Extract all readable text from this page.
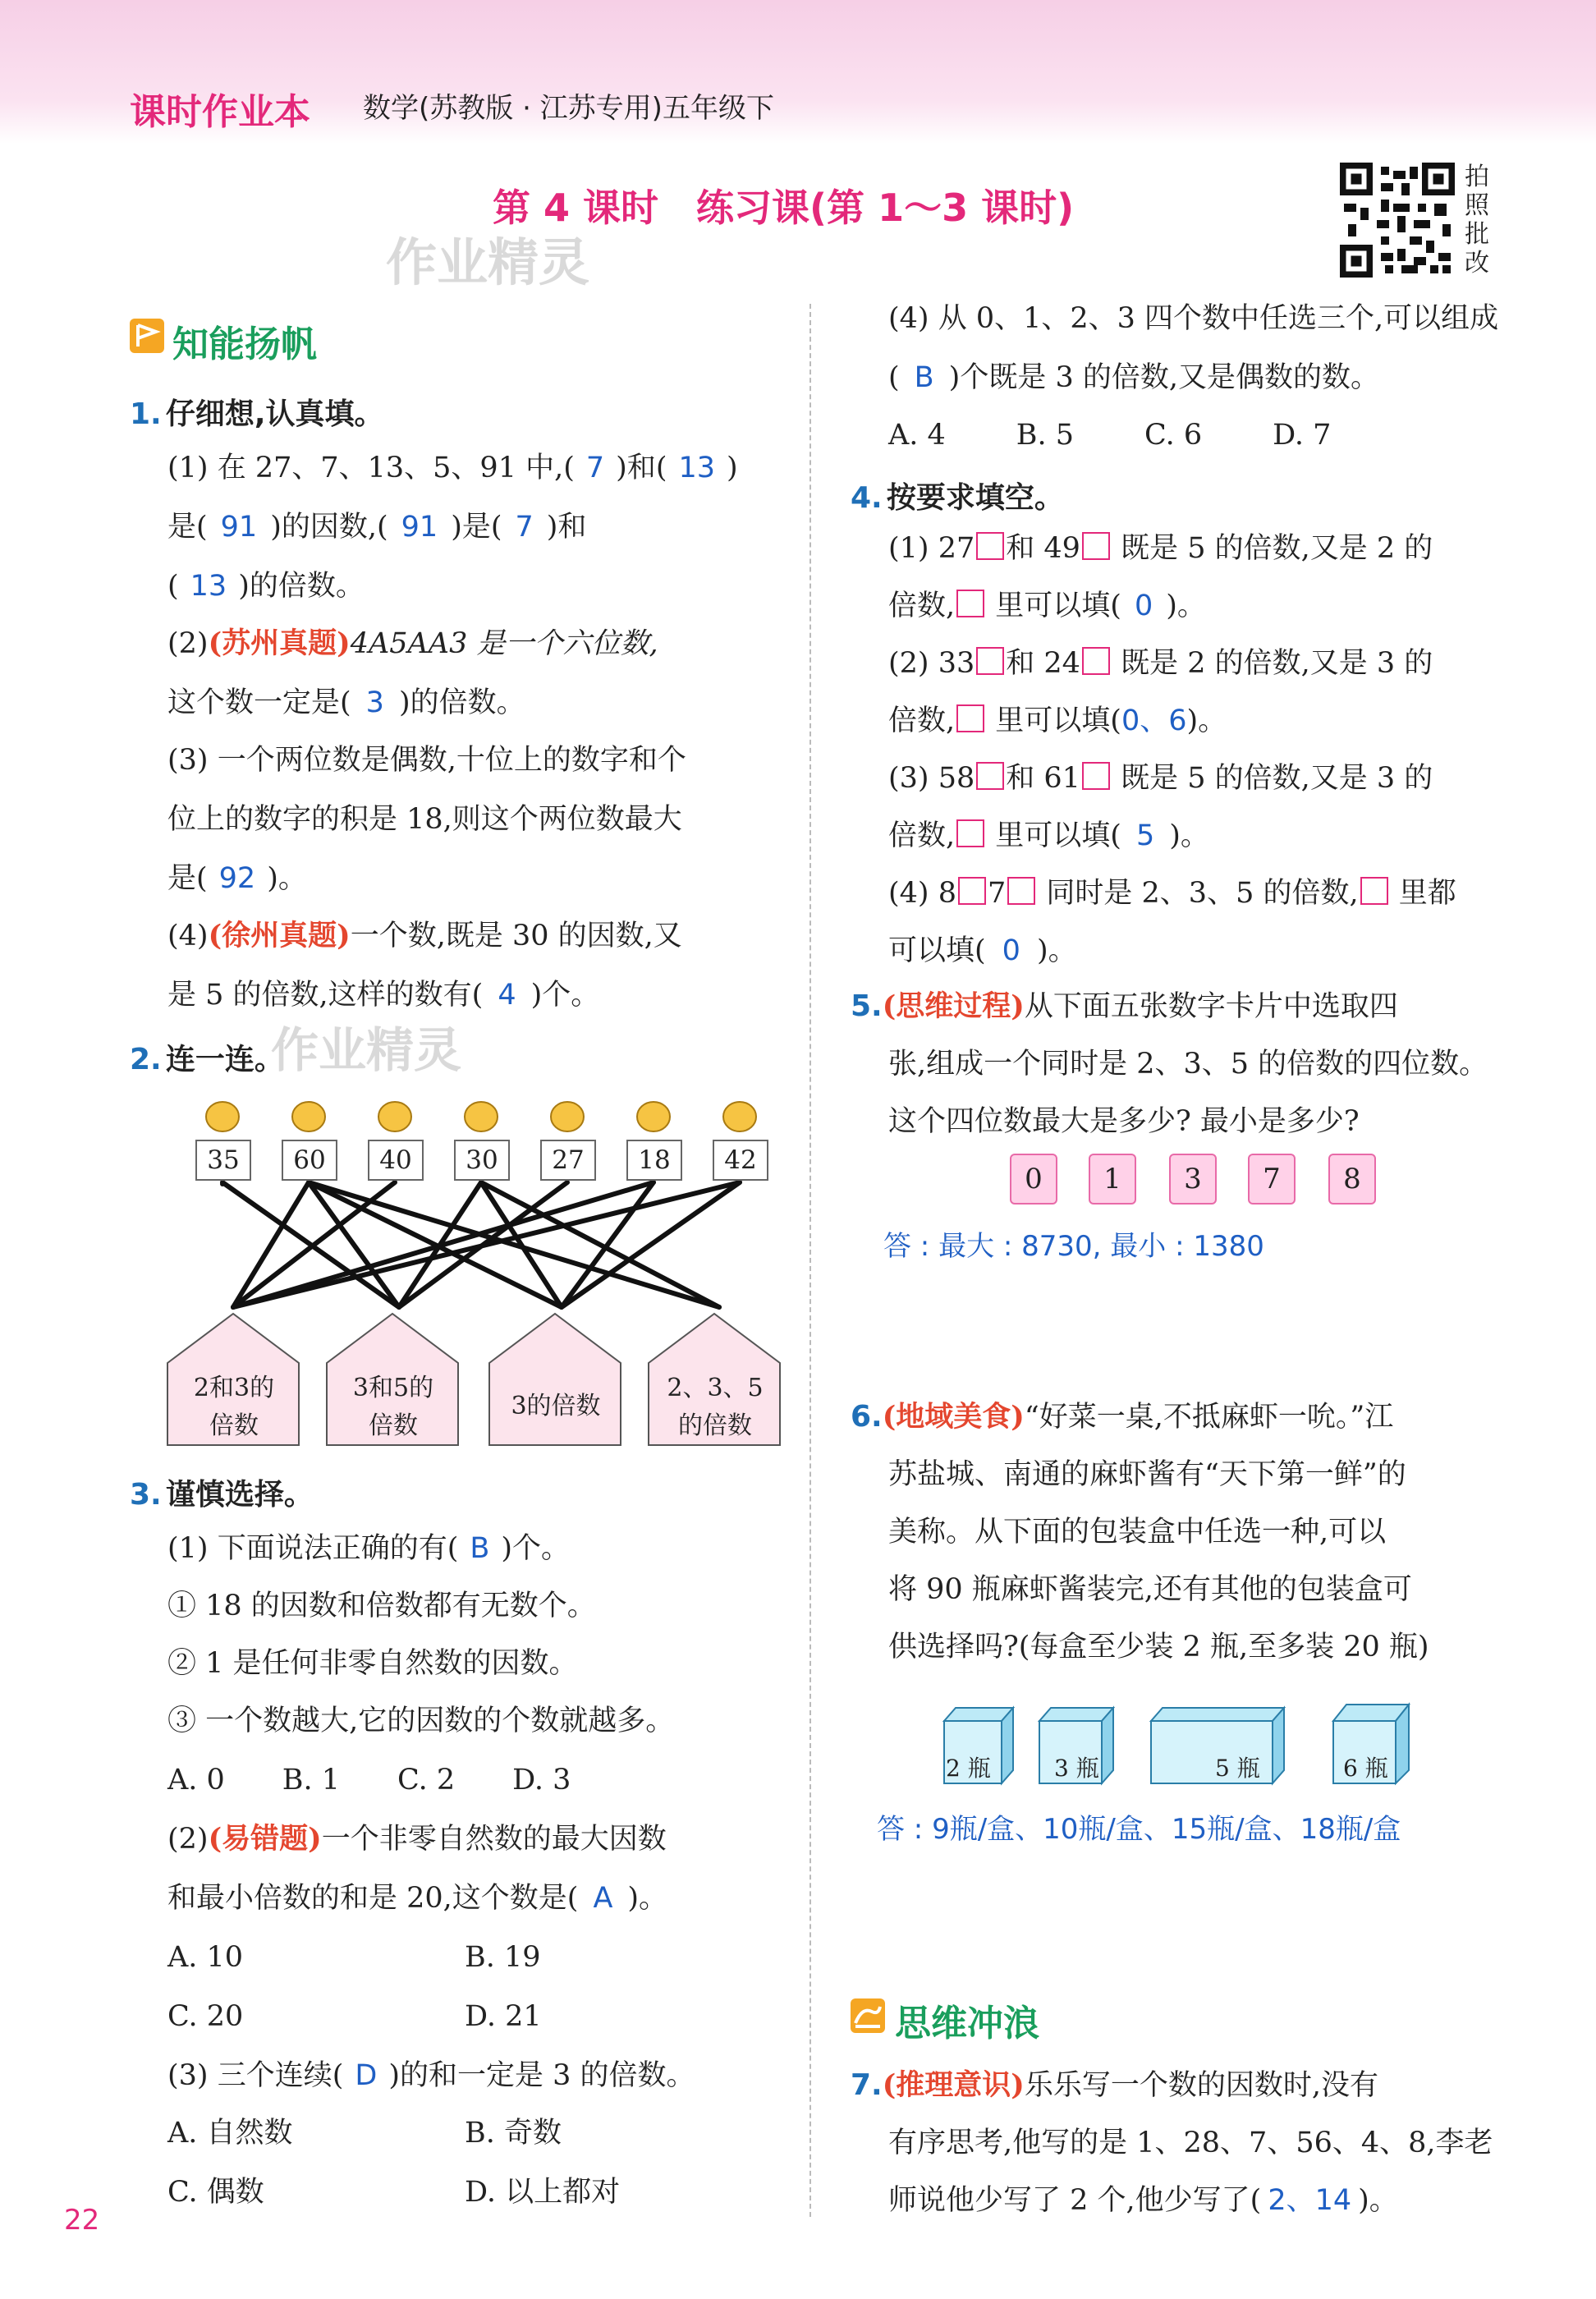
课时作业本 数学(苏教版 · 江苏专用)五年级下
第 4 课时　练习课(第 1～3 课时)
拍照批改
作业精灵
作业精灵
知能扬帆
1. 仔细想,认真填。
(1) 在 27、7、13、5、91 中,( 7 )和( 13 )
是( 91 )的因数,( 91 )是( 7 )和
( 13 )的倍数。
(2)(苏州真题)4A5AA3 是一个六位数,
这个数一定是( 3 )的倍数。
(3) 一个两位数是偶数,十位上的数字和个
位上的数字的积是 18,则这个两位数最大
是( 92 )。
(4)(徐州真题)一个数,既是 30 的因数,又
是 5 的倍数,这样的数有( 4 )个。
2. 连一连。
35	60	40	30	27	18	42
2和3的
倍数
3和5的
倍数
3的倍数
2、3、5
的倍数
3. 谨慎选择。
(1) 下面说法正确的有( B )个。
① 18 的因数和倍数都有无数个。
② 1 是任何非零自然数的因数。
③ 一个数越大,它的因数的个数就越多。
A. 0 B. 1 C. 2 D. 3
(2)(易错题)一个非零自然数的最大因数
和最小倍数的和是 20,这个数是( A )。
A. 10	B. 19
C. 20	D. 21
(3) 三个连续( D )的和一定是 3 的倍数。
A. 自然数	B. 奇数
C. 偶数	D. 以上都对
(4) 从 0、1、2、3 四个数中任选三个,可以组成
( B )个既是 3 的倍数,又是偶数的数。
A. 4 B. 5 C. 6 D. 7
4. 按要求填空。
(1) 27 和 49 既是 5 的倍数,又是 2 的
倍数, 里可以填( 0 )。
(2) 33 和 24 既是 2 的倍数,又是 3 的
倍数, 里可以填(0、6)。
(3) 58 和 61 既是 5 的倍数,又是 3 的
倍数, 里可以填( 5 )。
(4) 8 7 同时是 2、3、5 的倍数, 里都
可以填( 0 )。
5.(思维过程)从下面五张数字卡片中选取四
张,组成一个同时是 2、3、5 的倍数的四位数。
这个四位数最大是多少? 最小是多少?
0	1	3	7	8
答 : 最大 : 8730, 最小 : 1380
6.(地域美食)“好菜一桌,不抵麻虾一吮。”江
苏盐城、南通的麻虾酱有“天下第一鲜”的
美称。从下面的包装盒中任选一种,可以
将 90 瓶麻虾酱装完,还有其他的包装盒可
供选择吗?(每盒至少装 2 瓶,至多装 20 瓶)
2 瓶	3 瓶	5 瓶	6 瓶
答 : 9瓶/盒、10瓶/盒、15瓶/盒、18瓶/盒
思维冲浪
7.(推理意识)乐乐写一个数的因数时,没有
有序思考,他写的是 1、28、7、56、4、8,李老
师说他少写了 2 个,他少写了( 2、14 )。
22
